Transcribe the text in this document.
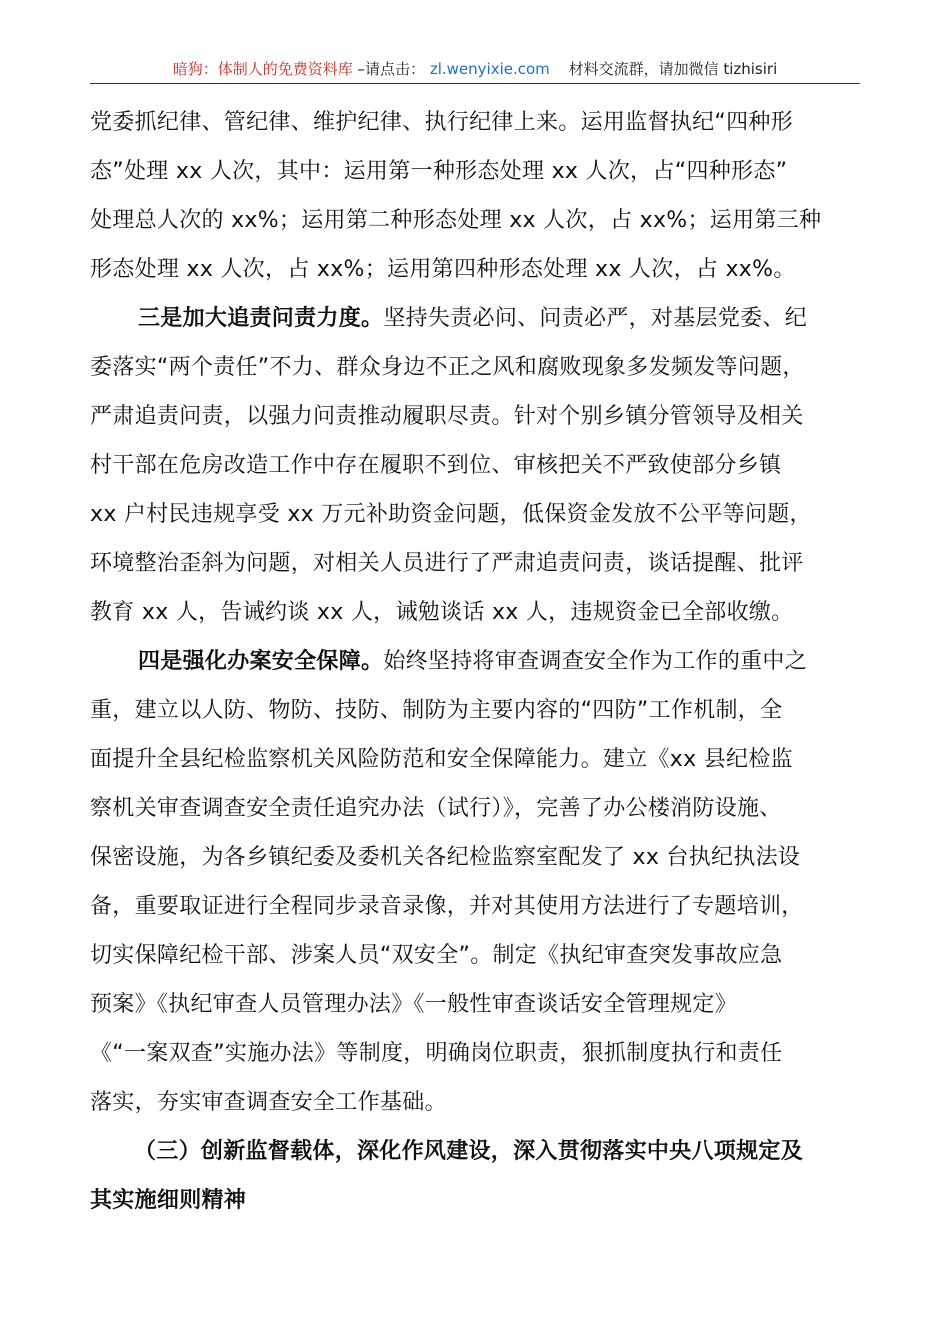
暗狗：体制人的免费资料库 –请点击： zl.wenyixie.com 材料交流群，请加微信 tizhisiri
党委抓纪律、管纪律、维护纪律、执行纪律上来。运用监督执纪“四种形
态”处理 xx 人次，其中：运用第一种形态处理 xx 人次，占“四种形态”
处理总人次的 xx%；运用第二种形态处理 xx 人次，占 xx%；运用第三种
形态处理 xx 人次，占 xx%；运用第四种形态处理 xx 人次，占 xx%。
三是加大追责问责力度。坚持失责必问、问责必严，对基层党委、纪
委落实“两个责任”不力、群众身边不正之风和腐败现象多发频发等问题，
严肃追责问责，以强力问责推动履职尽责。针对个别乡镇分管领导及相关
村干部在危房改造工作中存在履职不到位、审核把关不严致使部分乡镇
xx 户村民违规享受 xx 万元补助资金问题，低保资金发放不公平等问题，
环境整治歪斜为问题，对相关人员进行了严肃追责问责，谈话提醒、批评
教育 xx 人，告诫约谈 xx 人，诫勉谈话 xx 人，违规资金已全部收缴。
四是强化办案安全保障。始终坚持将审查调查安全作为工作的重中之
重，建立以人防、物防、技防、制防为主要内容的“四防”工作机制，全
面提升全县纪检监察机关风险防范和安全保障能力。建立《xx 县纪检监
察机关审查调查安全责任追究办法（试行）》，完善了办公楼消防设施、
保密设施，为各乡镇纪委及委机关各纪检监察室配发了 xx 台执纪执法设
备，重要取证进行全程同步录音录像，并对其使用方法进行了专题培训，
切实保障纪检干部、涉案人员“双安全”。制定《执纪审查突发事故应急
预案》《执纪审查人员管理办法》《一般性审查谈话安全管理规定》
《“一案双查”实施办法》等制度，明确岗位职责，狠抓制度执行和责任
落实，夯实审查调查安全工作基础。
（三）创新监督载体，深化作风建设，深入贯彻落实中央八项规定及
其实施细则精神
